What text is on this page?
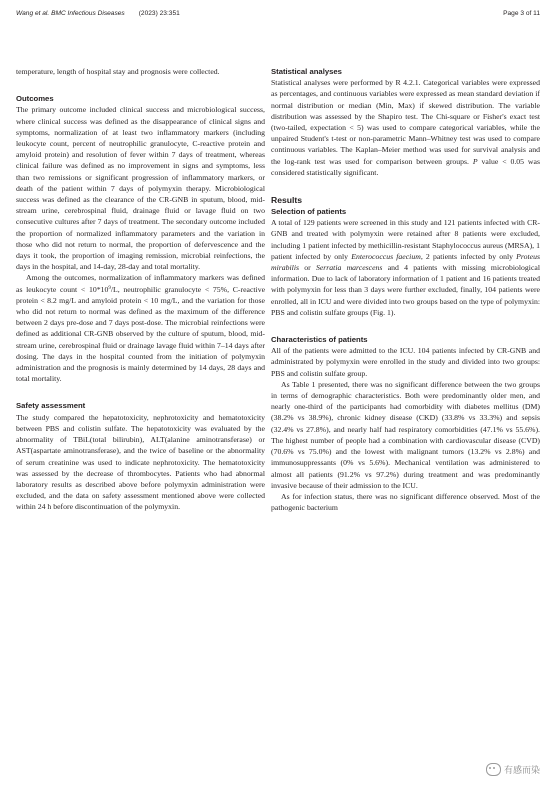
Wang et al. BMC Infectious Diseases (2023) 23:351	Page 3 of 11

temperature, length of hospital stay and prognosis were collected.

Outcomes

The primary outcome included clinical success and microbiological success, where clinical success was defined as the disappearance of clinical signs and symptoms, normalization of at least two inflammatory markers (including leukocyte count, percent of neutrophilic granulocyte, C-reactive protein and amyloid protein) and resolution of fever within 7 days of treatment, whereas clinical failure was defined as no improvement in signs and symptoms, less than two remissions or significant progression of inflammatory markers, or death of the patient within 7 days of polymyxin therapy. Microbiological success was defined as the clearance of the CR-GNB in sputum, blood, mid-stream urine, cerebrospinal fluid, drainage fluid or lavage fluid on two consecutive cultures after 7 days of treatment. The secondary outcome included the proportion of normalized inflammatory parameters and the variation in those who did not return to normal, the proportion of defervescence and the days it took, the proportion of imaging remission, microbial reinfections, the days in the hospital, and 14-day, 28-day and total mortality.

Among the outcomes, normalization of inflammatory markers was defined as leukocyte count < $10*10^9/L$, neutrophilic granulocyte < 75%, C-reactive protein < 8.2 mg/L and amyloid protein < 10 mg/L, and the variation for those who did not return to normal was defined as the maximum of the difference between 2 days pre-dose and 7 days post-dose. The microbial reinfections were defined as additional CR-GNB observed by the culture of sputum, blood, mid-stream urine, cerebrospinal fluid or drainage lavage fluid within 7–14 days after dosing. The days in the hospital counted from the initiation of polymyxin administration and the prognosis is mainly determined by 14 days, 28 days and total mortality.

Safety assessment

The study compared the hepatotoxicity, nephrotoxicity and hematotoxicity between PBS and colistin sulfate. The hepatotoxicity was evaluated by the abnormality of TBiL(total bilirubin), ALT(alanine aminotransferase) or AST(aspartate aminotransferase), and the twice of baseline or the abnormality of serum creatinine was used to indicate nephrotoxicity. The hematotoxicity was assessed by the decrease of thrombocytes. Patients who had abnormal laboratory results as described above before polymyxin administration were excluded, and the data on safety assessment mentioned above were collected within 24 h before discontinuation of the polymyxin.

Statistical analyses

Statistical analyses were performed by R 4.2.1. Categorical variables were expressed as percentages, and continuous variables were expressed as mean standard deviation if normal distribution or median (Min, Max) if skewed distribution. The variable distribution was assessed by the Shapiro test. The Chi-square or Fisher's exact test (two-tailed, expectation < 5) was used to compare categorical variables, while the unpaired Student's t-test or non-parametric Mann–Whitney test was used to compare continuous variables. The Kaplan–Meier method was used for survival analysis and the log-rank test was used for comparison between groups. P value < 0.05 was considered statistically significant.

Results
Selection of patients

A total of 129 patients were screened in this study and 121 patients infected with CR-GNB and treated with polymyxin were retained after 8 patients were excluded, including 1 patient infected by methicillin-resistant Staphylococcus aureus (MRSA), 1 patient infected by only Enterococcus faecium, 2 patients infected by only Proteus mirabilis or Serratia marcescens and 4 patients with missing microbiological information. Due to lack of laboratory information of 1 patient and 16 patients treated with polymyxin for less than 3 days were further excluded, finally, 104 patients were enrolled, all in ICU and were divided into two groups based on the type of polymyxin: PBS and colistin sulfate groups (Fig. 1).

Characteristics of patients

All of the patients were admitted to the ICU. 104 patients infected by CR-GNB and administrated by polymyxin were enrolled in the study and divided into two groups: PBS and colistin sulfate group.

As Table 1 presented, there was no significant difference between the two groups in terms of demographic characteristics. Both were predominantly older men, and nearly one-third of the participants had comorbidity with diabetes mellitus (DM) (38.2% vs 38.9%), chronic kidney disease (CKD) (33.8% vs 33.3%) and sepsis (32.4% vs 27.8%), and nearly half had respiratory comorbidities (47.1% vs 55.6%). The highest number of people had a combination with cardiovascular disease (CVD) (70.6% vs 75.0%) and the lowest with malignant tumors (13.2% vs 2.8%) and immunosuppressants (0% vs 5.6%). Mechanical ventilation was administered to almost all patients (91.2% vs 97.2%) during treatment and was predominantly invasive because of their admission to the ICU.

As for infection status, there was no significant difference observed. Most of the pathogenic bacterium

有感而染
